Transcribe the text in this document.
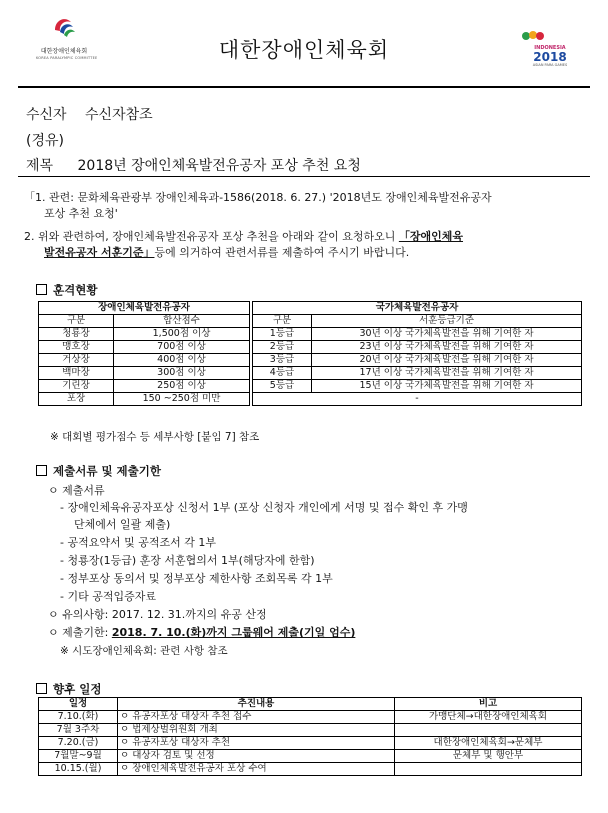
대한장애인체육회
KOREA PARALYMPIC COMMITTEE
INDONESIA
2018
ASIAN PARA GAMES
대한장애인체육회
수신자 수신자참조
(경유)
제목 2018년 장애인체육발전유공자 포상 추천 요청
「1. 관련: 문화체육관광부 장애인체육과-1586(2018. 6. 27.) '2018년도 장애인체육발전유공자
포상 추천 요청'
2. 위와 관련하여, 장애인체육발전유공자 포상 추천을 아래와 같이 요청하오니 「장애인체육
발전유공자 서훈기준」등에 의거하여 관련서류를 제출하여 주시기 바랍니다.
훈격현황
장애인체육발전유공자	
구분	합산점수
청룡장	1,500점 이상
맹호장	700점 이상
거상장	400점 이상
백마장	300점 이상
기린장	250점 이상
포장	150 ~250점 미만
국가체육발전유공자	
구분	서훈등급기준
1등급	30년 이상 국가체육발전을 위해 기여한 자
2등급	23년 이상 국가체육발전을 위해 기여한 자
3등급	20년 이상 국가체육발전을 위해 기여한 자
4등급	17년 이상 국가체육발전을 위해 기여한 자
5등급	15년 이상 국가체육발전을 위해 기여한 자
-	
※ 대회별 평가점수 등 세부사항 [붙임 7] 참조
제출서류 및 제출기한
ㅇ 제출서류
- 장애인체육유공자포상 신청서 1부 (포상 신청자 개인에게 서명 및 접수 확인 후 가맹
단체에서 일괄 제출)
- 공적요약서 및 공적조서 각 1부
- 청룡장(1등급) 훈장 서훈협의서 1부(해당자에 한함)
- 정부포상 동의서 및 정부포상 제한사항 조회목록 각 1부
- 기타 공적입증자료
ㅇ 유의사항: 2017. 12. 31.까지의 유공 산정
ㅇ 제출기한: 2018. 7. 10.(화)까지 그룹웨어 제출(기일 엄수)
※ 시도장애인체육회: 관련 사항 참조
향후 일정
일정	추진내용	비고
7.10.(화)	ㅇ 유공자포상 대상자 추천 접수	가맹단체→대한장애인체육회
7월 3주차	ㅇ 법제상벌위원회 개최	
7.20.(금)	ㅇ 유공자포상 대상자 추천	대한장애인체육회→문체부
7월말~9월	ㅇ 대상자 검토 및 선정	문체부 및 행안부
10.15.(월)	ㅇ 장애인체육발전유공자 포상 수여	
